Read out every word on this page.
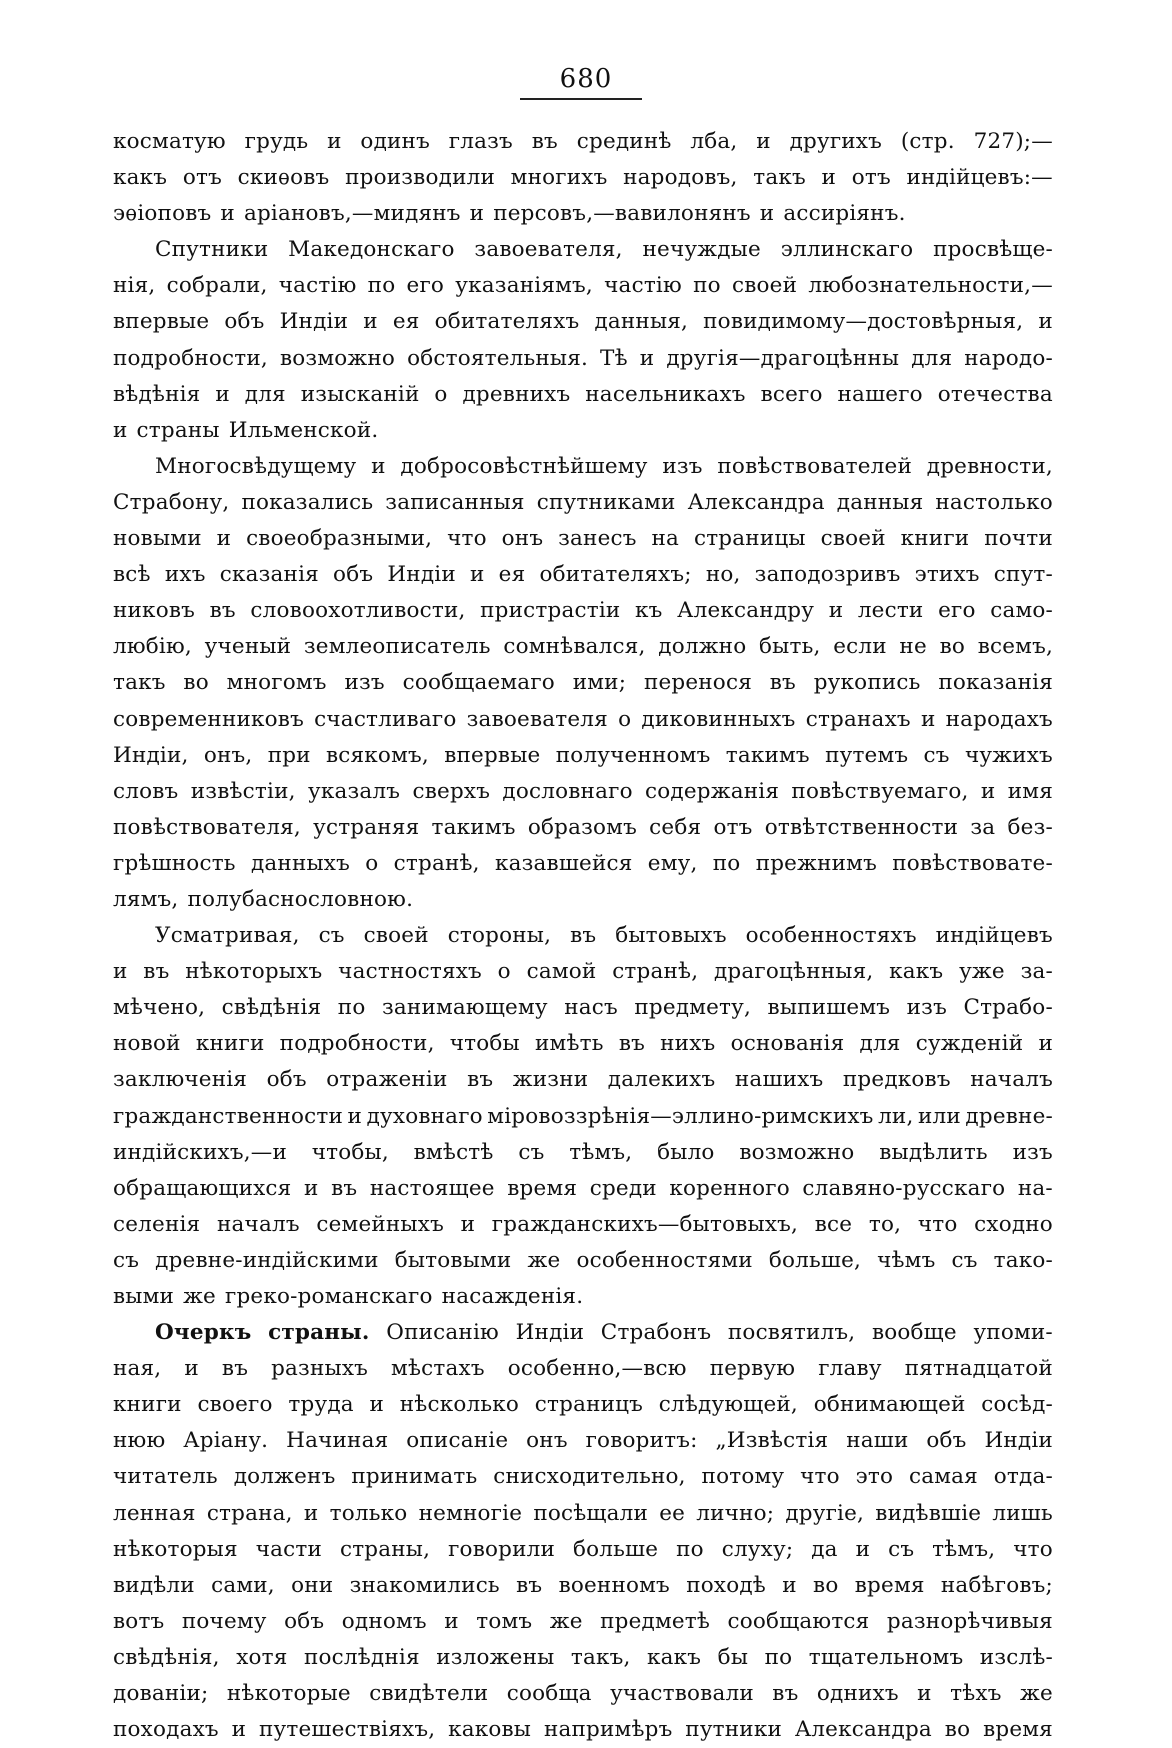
680
косматую грудь и одинъ глазъ въ срединѣ лба, и другихъ (стр. 727);—
какъ отъ скиѳовъ производили многихъ народовъ, такъ и отъ индійцевъ:—
эѳіоповъ и аріановъ,—мидянъ и персовъ,—вавилонянъ и ассиріянъ.
Спутники Македонскаго завоевателя, нечуждые эллинскаго просвѣще-
нія, собрали, частію по его указаніямъ, частію по своей любознательности,—
впервые объ Индіи и ея обитателяхъ данныя, повидимому—достовѣрныя, и
подробности, возможно обстоятельныя. Тѣ и другія—драгоцѣнны для народо-
вѣдѣнія и для изысканій о древнихъ насельникахъ всего нашего отечества
и страны Ильменской.
Многосвѣдущему и добросовѣстнѣйшему изъ повѣствователей древности,
Страбону, показались записанныя спутниками Александра данныя настолько
новыми и своеобразными, что онъ занесъ на страницы своей книги почти
всѣ ихъ сказанія объ Индіи и ея обитателяхъ; но, заподозривъ этихъ спут-
никовъ въ словоохотливости, пристрастіи къ Александру и лести его само-
любію, ученый землеописатель сомнѣвался, должно быть, если не во всемъ,
такъ во многомъ изъ сообщаемаго ими; перенося въ рукопись показанія
современниковъ счастливаго завоевателя о диковинныхъ странахъ и народахъ
Индіи, онъ, при всякомъ, впервые полученномъ такимъ путемъ съ чужихъ
словъ извѣстіи, указалъ сверхъ дословнаго содержанія повѣствуемаго, и имя
повѣствователя, устраняя такимъ образомъ себя отъ отвѣтственности за без-
грѣшность данныхъ о странѣ, казавшейся ему, по прежнимъ повѣствовате-
лямъ, полубаснословною.
Усматривая, съ своей стороны, въ бытовыхъ особенностяхъ индійцевъ
и въ нѣкоторыхъ частностяхъ о самой странѣ, драгоцѣнныя, какъ уже за-
мѣчено, свѣдѣнія по занимающему насъ предмету, выпишемъ изъ Страбо-
новой книги подробности, чтобы имѣть въ нихъ основанія для сужденій и
заключенія объ отраженіи въ жизни далекихъ нашихъ предковъ началъ
гражданственности и духовнаго міровоззрѣнія—эллино-римскихъ ли, или древне-
индійскихъ,—и чтобы, вмѣстѣ съ тѣмъ, было возможно выдѣлить изъ
обращающихся и въ настоящее время среди коренного славяно-русскаго на-
селенія началъ семейныхъ и гражданскихъ—бытовыхъ, все то, что сходно
съ древне-индійскими бытовыми же особенностями больше, чѣмъ съ тако-
выми же греко-романскаго насажденія.
Очеркъ страны. Описанію Индіи Страбонъ посвятилъ, вообще упоми-
ная, и въ разныхъ мѣстахъ особенно,—всю первую главу пятнадцатой
книги своего труда и нѣсколько страницъ слѣдующей, обнимающей сосѣд-
нюю Аріану. Начиная описаніе онъ говоритъ: „Извѣстія наши объ Индіи
читатель долженъ принимать снисходительно, потому что это самая отда-
ленная страна, и только немногіе посѣщали ее лично; другіе, видѣвшіе лишь
нѣкоторыя части страны, говорили больше по слуху; да и съ тѣмъ, что
видѣли сами, они знакомились въ военномъ походѣ и во время набѣговъ;
вотъ почему объ одномъ и томъ же предметѣ сообщаются разнорѣчивыя
свѣдѣнія, хотя послѣднія изложены такъ, какъ бы по тщательномъ изслѣ-
дованіи; нѣкоторые свидѣтели сообща участвовали въ однихъ и тѣхъ же
походахъ и путешествіяхъ, каковы напримѣръ путники Александра во время
